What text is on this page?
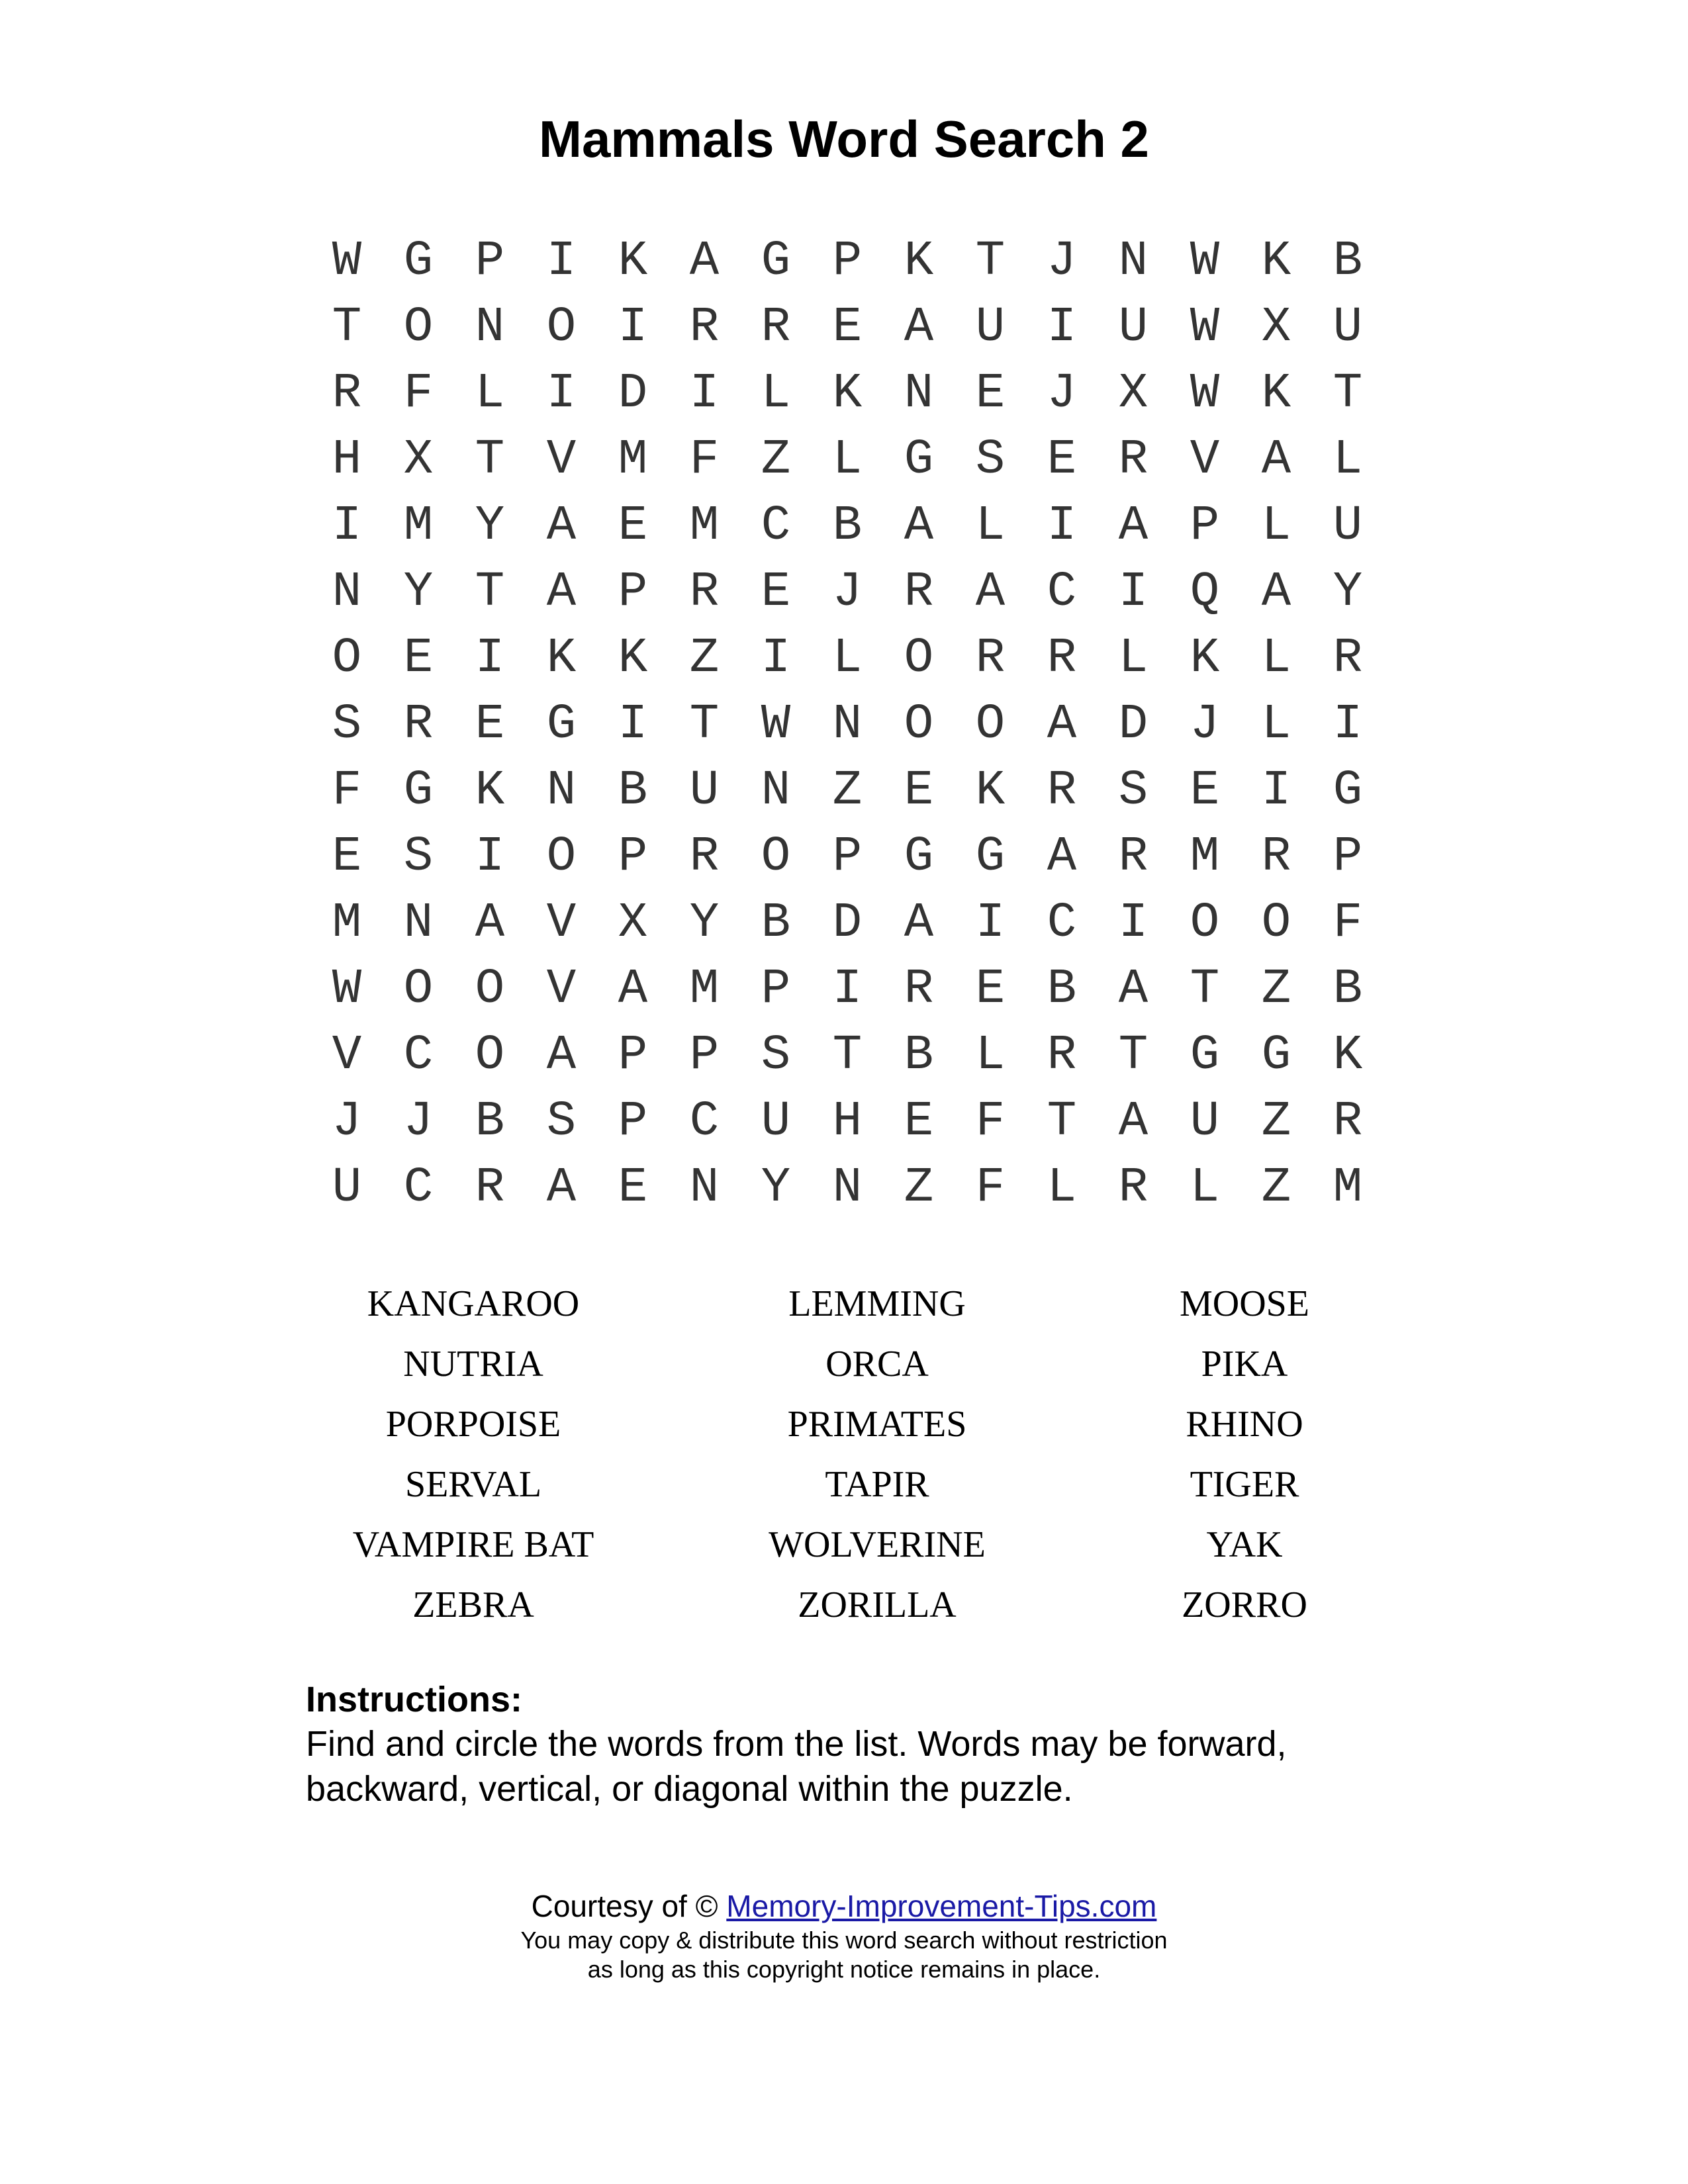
Mammals Word Search 2
W G P I K A G P K T J N W K B
T O N O I R R E A U I U W X U
R F L I D I L K N E J X W K T
H X T V M F Z L G S E R V A L
I M Y A E M C B A L I A P L U
N Y T A P R E J R A C I Q A Y
O E I K K Z I L O R R L K L R
S R E G I T W N O O A D J L I
F G K N B U N Z E K R S E I G
E S I O P R O P G G A R M R P
M N A V X Y B D A I C I O O F
W O O V A M P I R E B A T Z B
V C O A P P S T B L R T G G K
J J B S P C U H E F T A U Z R
U C R A E N Y N Z F L R L Z M
KANGAROO	LEMMING	MOOSE
NUTRIA	ORCA	PIKA
PORPOISE	PRIMATES	RHINO
SERVAL	TAPIR	TIGER
VAMPIRE BAT	WOLVERINE	YAK
ZEBRA	ZORILLA	ZORRO
Instructions:
Find and circle the words from the list. Words may be forward,
backward, vertical, or diagonal within the puzzle.
Courtesy of © Memory-Improvement-Tips.com
You may copy & distribute this word search without restriction
as long as this copyright notice remains in place.
